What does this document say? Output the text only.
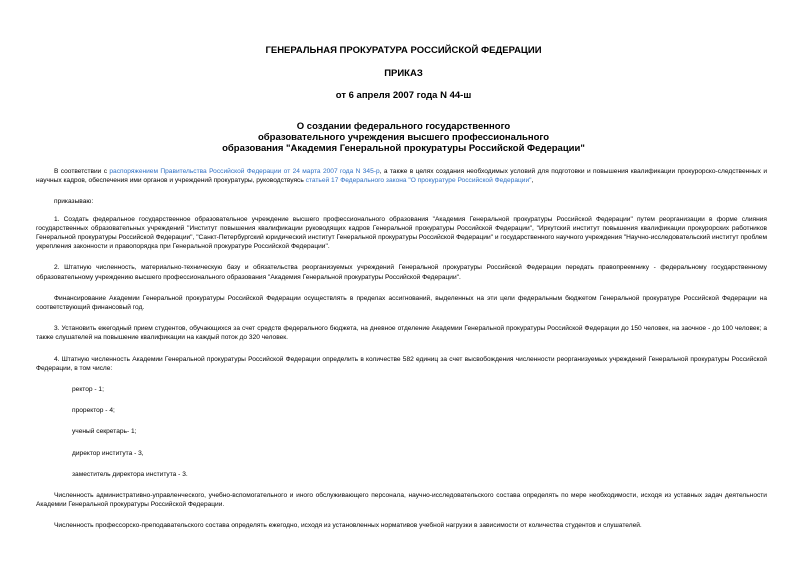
ГЕНЕРАЛЬНАЯ ПРОКУРАТУРА РОССИЙСКОЙ ФЕДЕРАЦИИ
ПРИКАЗ
от 6 апреля 2007 года N 44-ш
О создании федерального государственного
образовательного учреждения высшего профессионального
образования "Академия Генеральной прокуратуры Российской Федерации"

В соответствии с распоряжением Правительства Российской Федерации от 24 марта 2007 года N 345-р, а также в целях создания необходимых условий для подготовки и повышения квалификации прокурорско-следственных и научных кадров, обеспечения ими органов и учреждений прокуратуры, руководствуясь статьей 17 Федерального закона "О прокуратуре Российской Федерации",

приказываю:

1. Создать федеральное государственное образовательное учреждение высшего профессионального образования "Академия Генеральной прокуратуры Российской Федерации" путем реорганизации в форме слияния государственных образовательных учреждений "Институт повышения квалификации руководящих кадров Генеральной прокуратуры Российской Федерации", "Иркутский институт повышения квалификации прокурорских работников Генеральной прокуратуры Российской Федерации", "Санкт-Петербургский юридический институт Генеральной прокуратуры Российской Федерации" и государственного научного учреждения "Научно-исследовательский институт проблем укрепления законности и правопорядка при Генеральной прокуратуре Российской Федерации".

2. Штатную численность, материально-техническую базу и обязательства реорганизуемых учреждений Генеральной прокуратуры Российской Федерации передать правопреемнику - федеральному государственному образовательному учреждению высшего профессионального образования "Академия Генеральной прокуратуры Российской Федерации".

Финансирование Академии Генеральной прокуратуры Российской Федерации осуществлять в пределах ассигнований, выделенных на эти цели федеральным бюджетом Генеральной прокуратуре Российской Федерации на соответствующий финансовый год.

3. Установить ежегодный прием студентов, обучающихся за счет средств федерального бюджета, на дневное отделение Академии Генеральной прокуратуры Российской Федерации до 150 человек, на заочное - до 100 человек; а также слушателей на повышение квалификации на каждый поток до 320 человек.

4. Штатную численность Академии Генеральной прокуратуры Российской Федерации определить в количестве 582 единиц за счет высвобождения численности реорганизуемых учреждений Генеральной прокуратуры Российской Федерации, в том числе:

ректор - 1;

проректор - 4;

ученый секретарь- 1;

директор института - 3,

заместитель директора института - 3.

Численность административно-управленческого, учебно-вспомогательного и иного обслуживающего персонала, научно-исследовательского состава определять по мере необходимости, исходя из уставных задач деятельности Академии Генеральной прокуратуры Российской Федерации.

Численность профессорско-преподавательского состава определять ежегодно, исходя из установленных нормативов учебной нагрузки в зависимости от количества студентов и слушателей.
